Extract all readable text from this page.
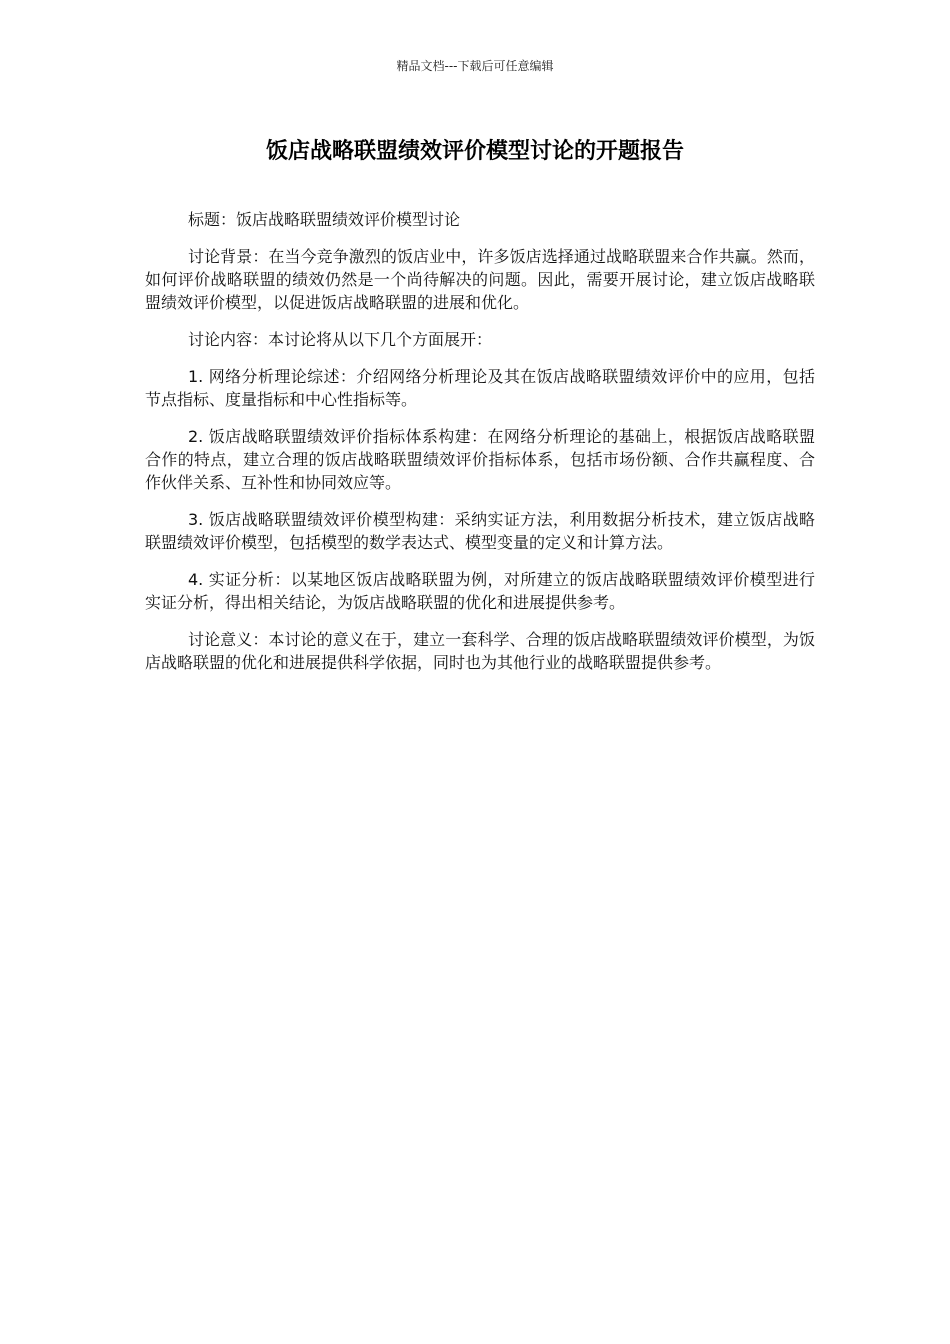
精品文档---下载后可任意编辑
饭店战略联盟绩效评价模型讨论的开题报告

标题：饭店战略联盟绩效评价模型讨论

讨论背景：在当今竞争激烈的饭店业中，许多饭店选择通过战略联盟来合作共赢。然而，如何评价战略联盟的绩效仍然是一个尚待解决的问题。因此，需要开展讨论，建立饭店战略联盟绩效评价模型，以促进饭店战略联盟的进展和优化。

讨论内容：本讨论将从以下几个方面展开：

1. 网络分析理论综述：介绍网络分析理论及其在饭店战略联盟绩效评价中的应用，包括节点指标、度量指标和中心性指标等。

2. 饭店战略联盟绩效评价指标体系构建：在网络分析理论的基础上，根据饭店战略联盟合作的特点，建立合理的饭店战略联盟绩效评价指标体系，包括市场份额、合作共赢程度、合作伙伴关系、互补性和协同效应等。

3. 饭店战略联盟绩效评价模型构建：采纳实证方法，利用数据分析技术，建立饭店战略联盟绩效评价模型，包括模型的数学表达式、模型变量的定义和计算方法。

4. 实证分析：以某地区饭店战略联盟为例，对所建立的饭店战略联盟绩效评价模型进行实证分析，得出相关结论，为饭店战略联盟的优化和进展提供参考。

讨论意义：本讨论的意义在于，建立一套科学、合理的饭店战略联盟绩效评价模型，为饭店战略联盟的优化和进展提供科学依据，同时也为其他行业的战略联盟提供参考。
